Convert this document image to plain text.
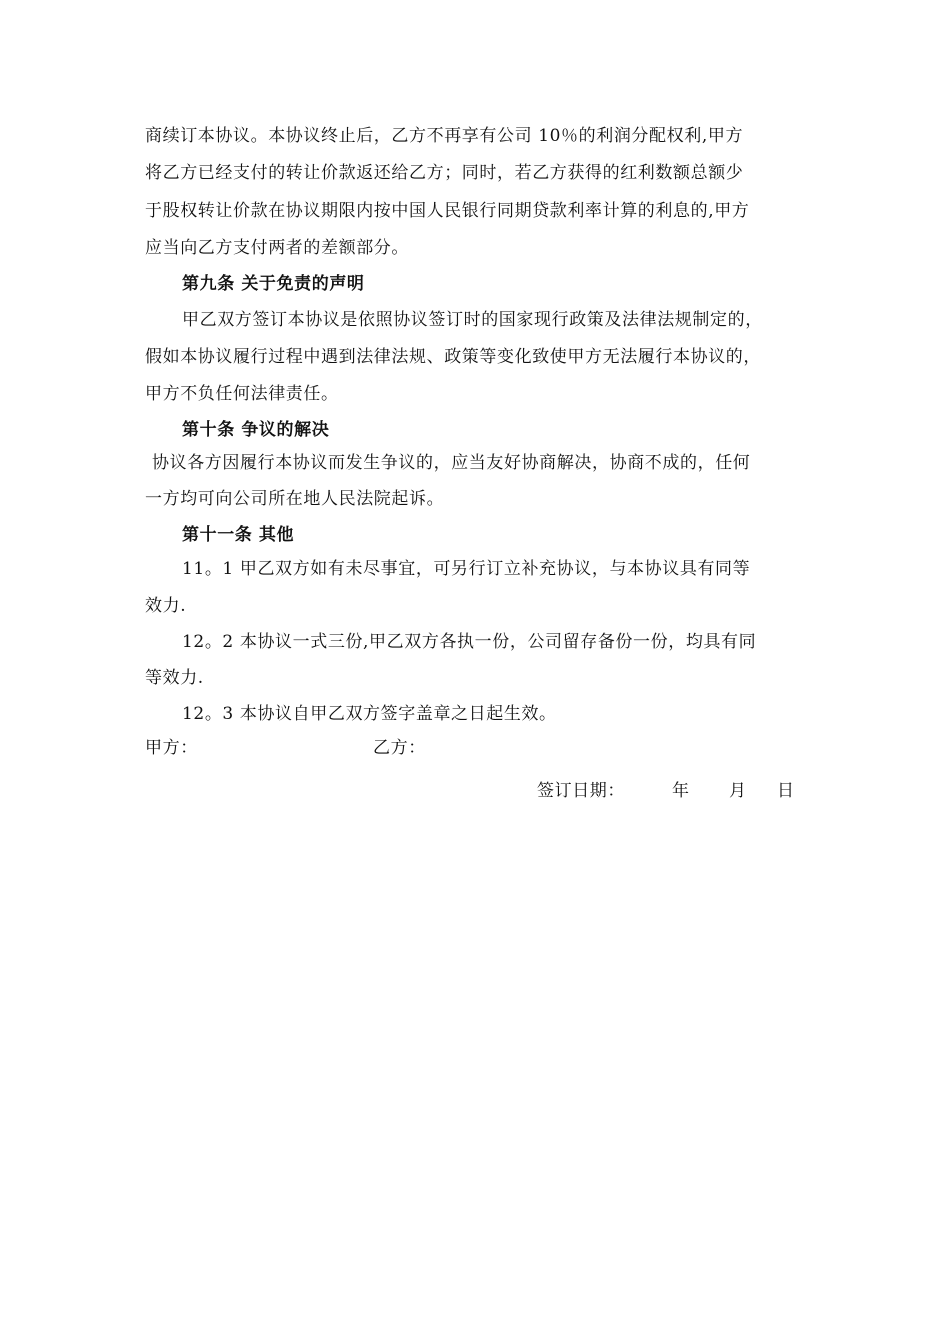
商续订本协议。本协议终止后，乙方不再享有公司 10％的利润分配权利,甲方
将乙方已经支付的转让价款返还给乙方；同时，若乙方获得的红利数额总额少
于股权转让价款在协议期限内按中国人民银行同期贷款利率计算的利息的,甲方
应当向乙方支付两者的差额部分。
第九条 关于免责的声明
甲乙双方签订本协议是依照协议签订时的国家现行政策及法律法规制定的，
假如本协议履行过程中遇到法律法规、政策等变化致使甲方无法履行本协议的，
甲方不负任何法律责任。
第十条 争议的解决
协议各方因履行本协议而发生争议的，应当友好协商解决，协商不成的，任何
一方均可向公司所在地人民法院起诉。
第十一条 其他
11。1 甲乙双方如有未尽事宜，可另行订立补充协议，与本协议具有同等
效力.
12。2 本协议一式三份,甲乙双方各执一份，公司留存备份一份，均具有同
等效力.
12。3 本协议自甲乙双方签字盖章之日起生效。
甲方：	乙方：
签订日期：	年 月 日
